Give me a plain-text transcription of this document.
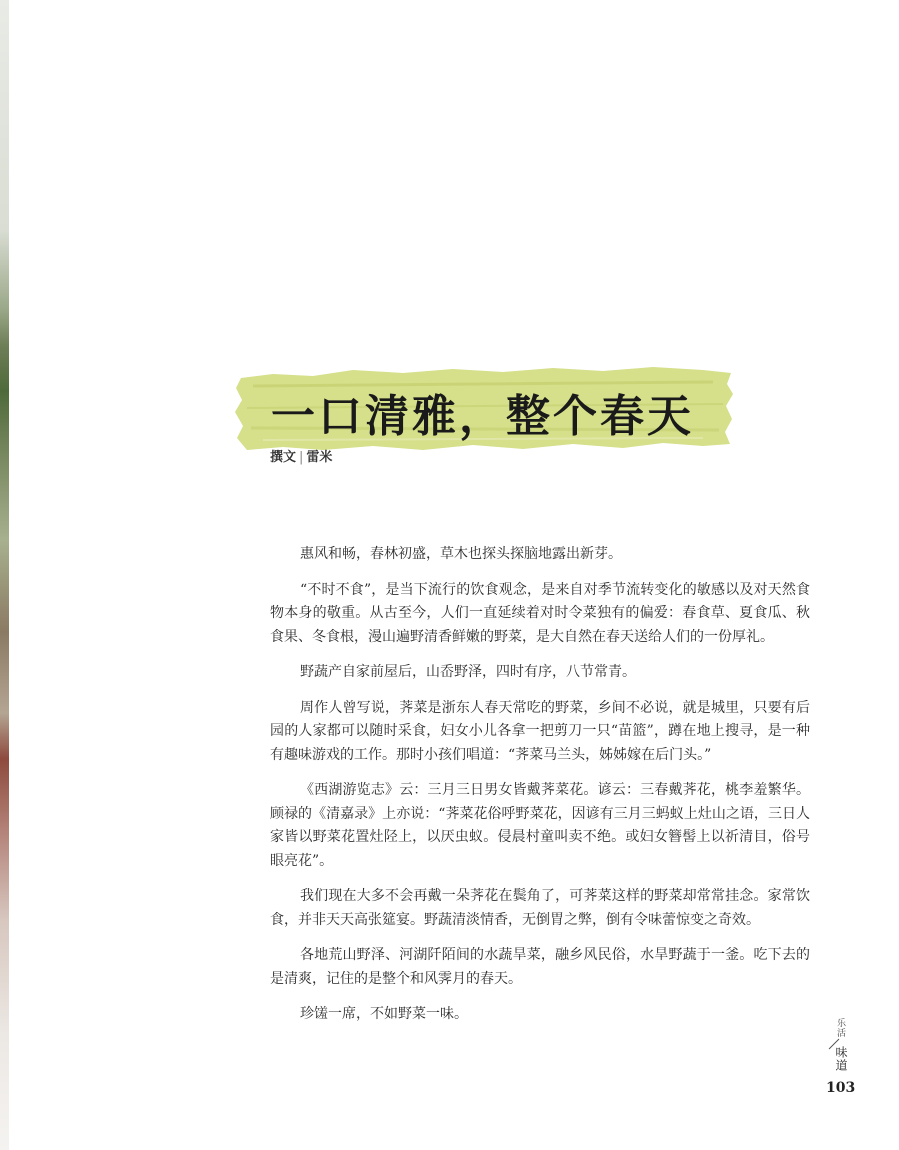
一口清雅，整个春天
撰文 | 雷米

惠风和畅，春林初盛，草木也探头探脑地露出新芽。

“不时不食”，是当下流行的饮食观念，是来自对季节流转变化的敏感以及对天然食物本身的敬重。从古至今，人们一直延续着对时令菜独有的偏爱：春食草、夏食瓜、秋食果、冬食根，漫山遍野清香鲜嫩的野菜，是大自然在春天送给人们的一份厚礼。

野蔬产自家前屋后，山岙野泽，四时有序，八节常青。

周作人曾写说，荠菜是浙东人春天常吃的野菜，乡间不必说，就是城里，只要有后园的人家都可以随时采食，妇女小儿各拿一把剪刀一只“苗篮”，蹲在地上搜寻，是一种有趣味游戏的工作。那时小孩们唱道：“荠菜马兰头，姊姊嫁在后门头。”

《西湖游览志》云：三月三日男女皆戴荠菜花。谚云：三春戴荠花，桃李羞繁华。顾禄的《清嘉录》上亦说：“荠菜花俗呼野菜花，因谚有三月三蚂蚁上灶山之语，三日人家皆以野菜花置灶陉上，以厌虫蚁。侵晨村童叫卖不绝。或妇女簪髻上以祈清目，俗号眼亮花”。

我们现在大多不会再戴一朵荠花在鬓角了，可荠菜这样的野菜却常常挂念。家常饮食，并非天天高张筵宴。野蔬清淡情香，无倒胃之弊，倒有令味蕾惊变之奇效。

各地荒山野泽、河湖阡陌间的水蔬旱菜，融乡风民俗，水旱野蔬于一釜。吃下去的是清爽，记住的是整个和风霁月的春天。

珍馐一席，不如野菜一味。

乐活
味道
103
